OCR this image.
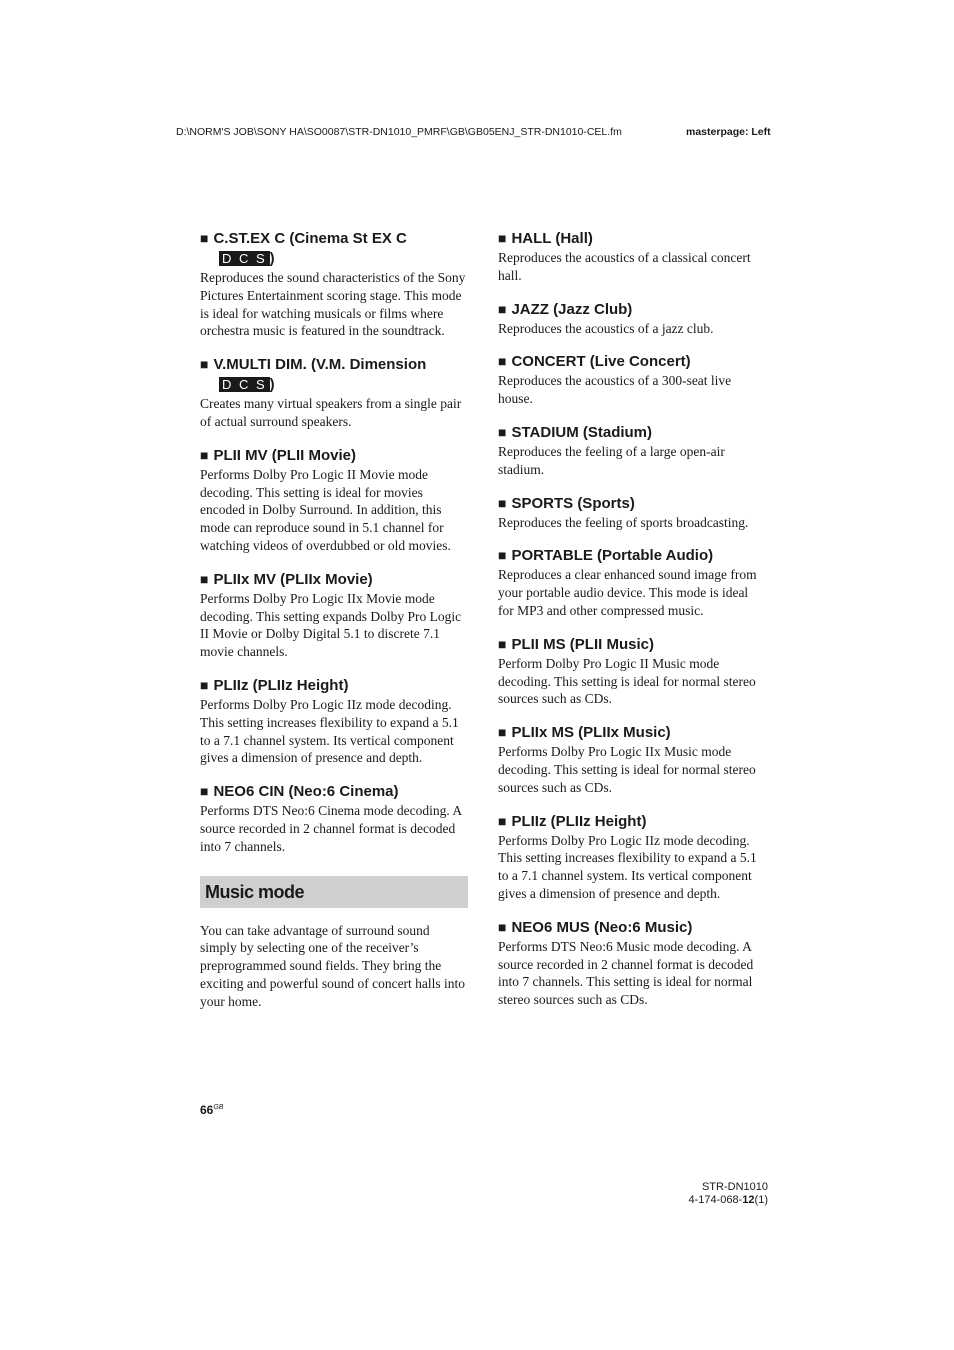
D:\NORM'S JOB\SONY HA\SO0087\STR-DN1010_PMRF\GB\GB05ENJ_STR-DN1010-CEL.fm	masterpage: Left
■ C.ST.EX C (Cinema St EX C
D C S )

Reproduces the sound characteristics of the Sony Pictures Entertainment scoring stage. This mode is ideal for watching musicals or films where orchestra music is featured in the soundtrack.

■ V.MULTI DIM. (V.M. Dimension
D C S )

Creates many virtual speakers from a single pair of actual surround speakers.

■ PLII MV (PLII Movie)

Performs Dolby Pro Logic II Movie mode decoding. This setting is ideal for movies encoded in Dolby Surround. In addition, this mode can reproduce sound in 5.1 channel for watching videos of overdubbed or old movies.

■ PLIIx MV (PLIIx Movie)

Performs Dolby Pro Logic IIx Movie mode decoding. This setting expands Dolby Pro Logic II Movie or Dolby Digital 5.1 to discrete 7.1 movie channels.

■ PLIIz (PLIIz Height)

Performs Dolby Pro Logic IIz mode decoding. This setting increases flexibility to expand a 5.1 to a 7.1 channel system. Its vertical component gives a dimension of presence and depth.

■ NEO6 CIN (Neo:6 Cinema)

Performs DTS Neo:6 Cinema mode decoding. A source recorded in 2 channel format is decoded into 7 channels.

Music mode

You can take advantage of surround sound simply by selecting one of the receiver’s preprogrammed sound fields. They bring the exciting and powerful sound of concert halls into your home.

■ HALL (Hall)

Reproduces the acoustics of a classical concert hall.

■ JAZZ (Jazz Club)

Reproduces the acoustics of a jazz club.

■ CONCERT (Live Concert)

Reproduces the acoustics of a 300-seat live house.

■ STADIUM (Stadium)

Reproduces the feeling of a large open-air stadium.

■ SPORTS (Sports)

Reproduces the feeling of sports broadcasting.

■ PORTABLE (Portable Audio)

Reproduces a clear enhanced sound image from your portable audio device. This mode is ideal for MP3 and other compressed music.

■ PLII MS (PLII Music)

Perform Dolby Pro Logic II Music mode decoding. This setting is ideal for normal stereo sources such as CDs.

■ PLIIx MS (PLIIx Music)

Performs Dolby Pro Logic IIx Music mode decoding. This setting is ideal for normal stereo sources such as CDs.

■ PLIIz (PLIIz Height)

Performs Dolby Pro Logic IIz mode decoding. This setting increases flexibility to expand a 5.1 to a 7.1 channel system. Its vertical component gives a dimension of presence and depth.

■ NEO6 MUS (Neo:6 Music)

Performs DTS Neo:6 Music mode decoding. A source recorded in 2 channel format is decoded into 7 channels. This setting is ideal for normal stereo sources such as CDs.

$66^{GB}$
STR-DN1010
4-174-068-12(1)
